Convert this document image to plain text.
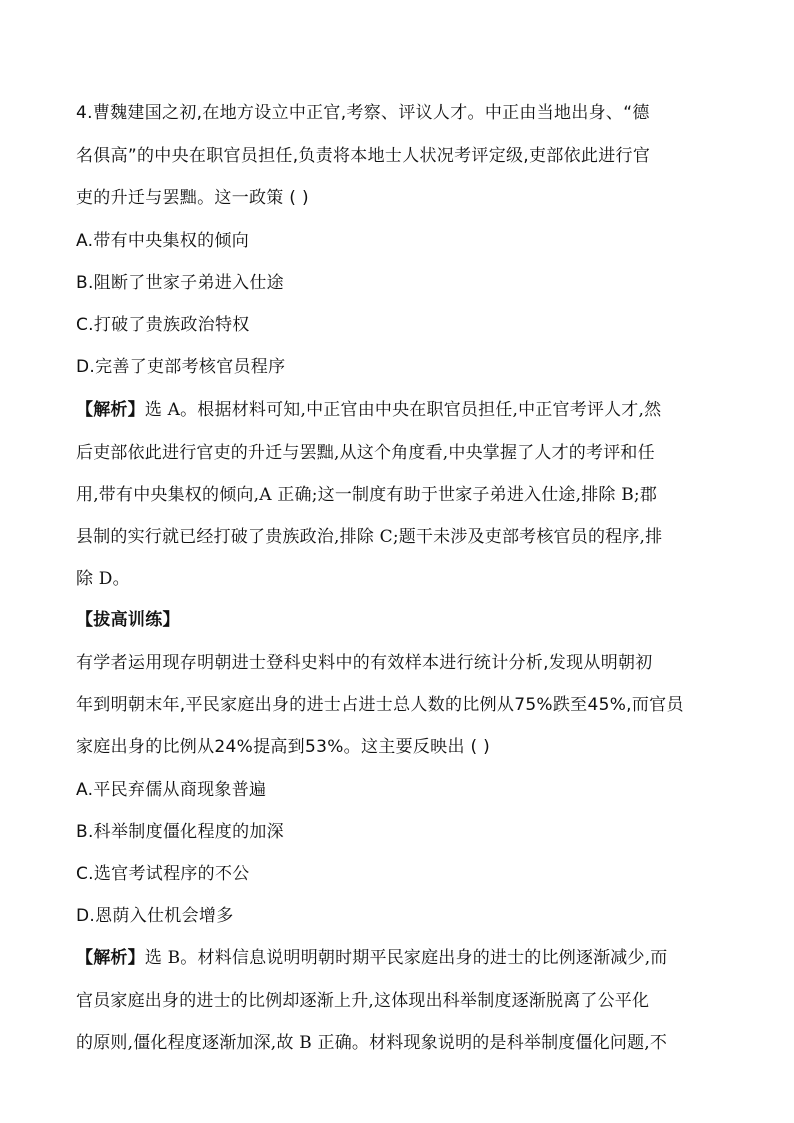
4.曹魏建国之初,在地方设立中正官,考察、评议人才。中正由当地出身、“德
名俱高”的中央在职官员担任,负责将本地士人状况考评定级,吏部依此进行官
吏的升迁与罢黜。这一政策 ( )
A.带有中央集权的倾向
B.阻断了世家子弟进入仕途
C.打破了贵族政治特权
D.完善了吏部考核官员程序
【解析】选 A。根据材料可知,中正官由中央在职官员担任,中正官考评人才,然
后吏部依此进行官吏的升迁与罢黜,从这个角度看,中央掌握了人才的考评和任
用,带有中央集权的倾向,A 正确;这一制度有助于世家子弟进入仕途,排除 B;郡
县制的实行就已经打破了贵族政治,排除 C;题干未涉及吏部考核官员的程序,排
除 D。
【拔高训练】
有学者运用现存明朝进士登科史料中的有效样本进行统计分析,发现从明朝初
年到明朝末年,平民家庭出身的进士占进士总人数的比例从75%跌至45%,而官员
家庭出身的比例从24%提高到53%。这主要反映出 ( )
A.平民弃儒从商现象普遍
B.科举制度僵化程度的加深
C.选官考试程序的不公
D.恩荫入仕机会增多
【解析】选 B。材料信息说明明朝时期平民家庭出身的进士的比例逐渐减少,而
官员家庭出身的进士的比例却逐渐上升,这体现出科举制度逐渐脱离了公平化
的原则,僵化程度逐渐加深,故 B 正确。材料现象说明的是科举制度僵化问题,不
